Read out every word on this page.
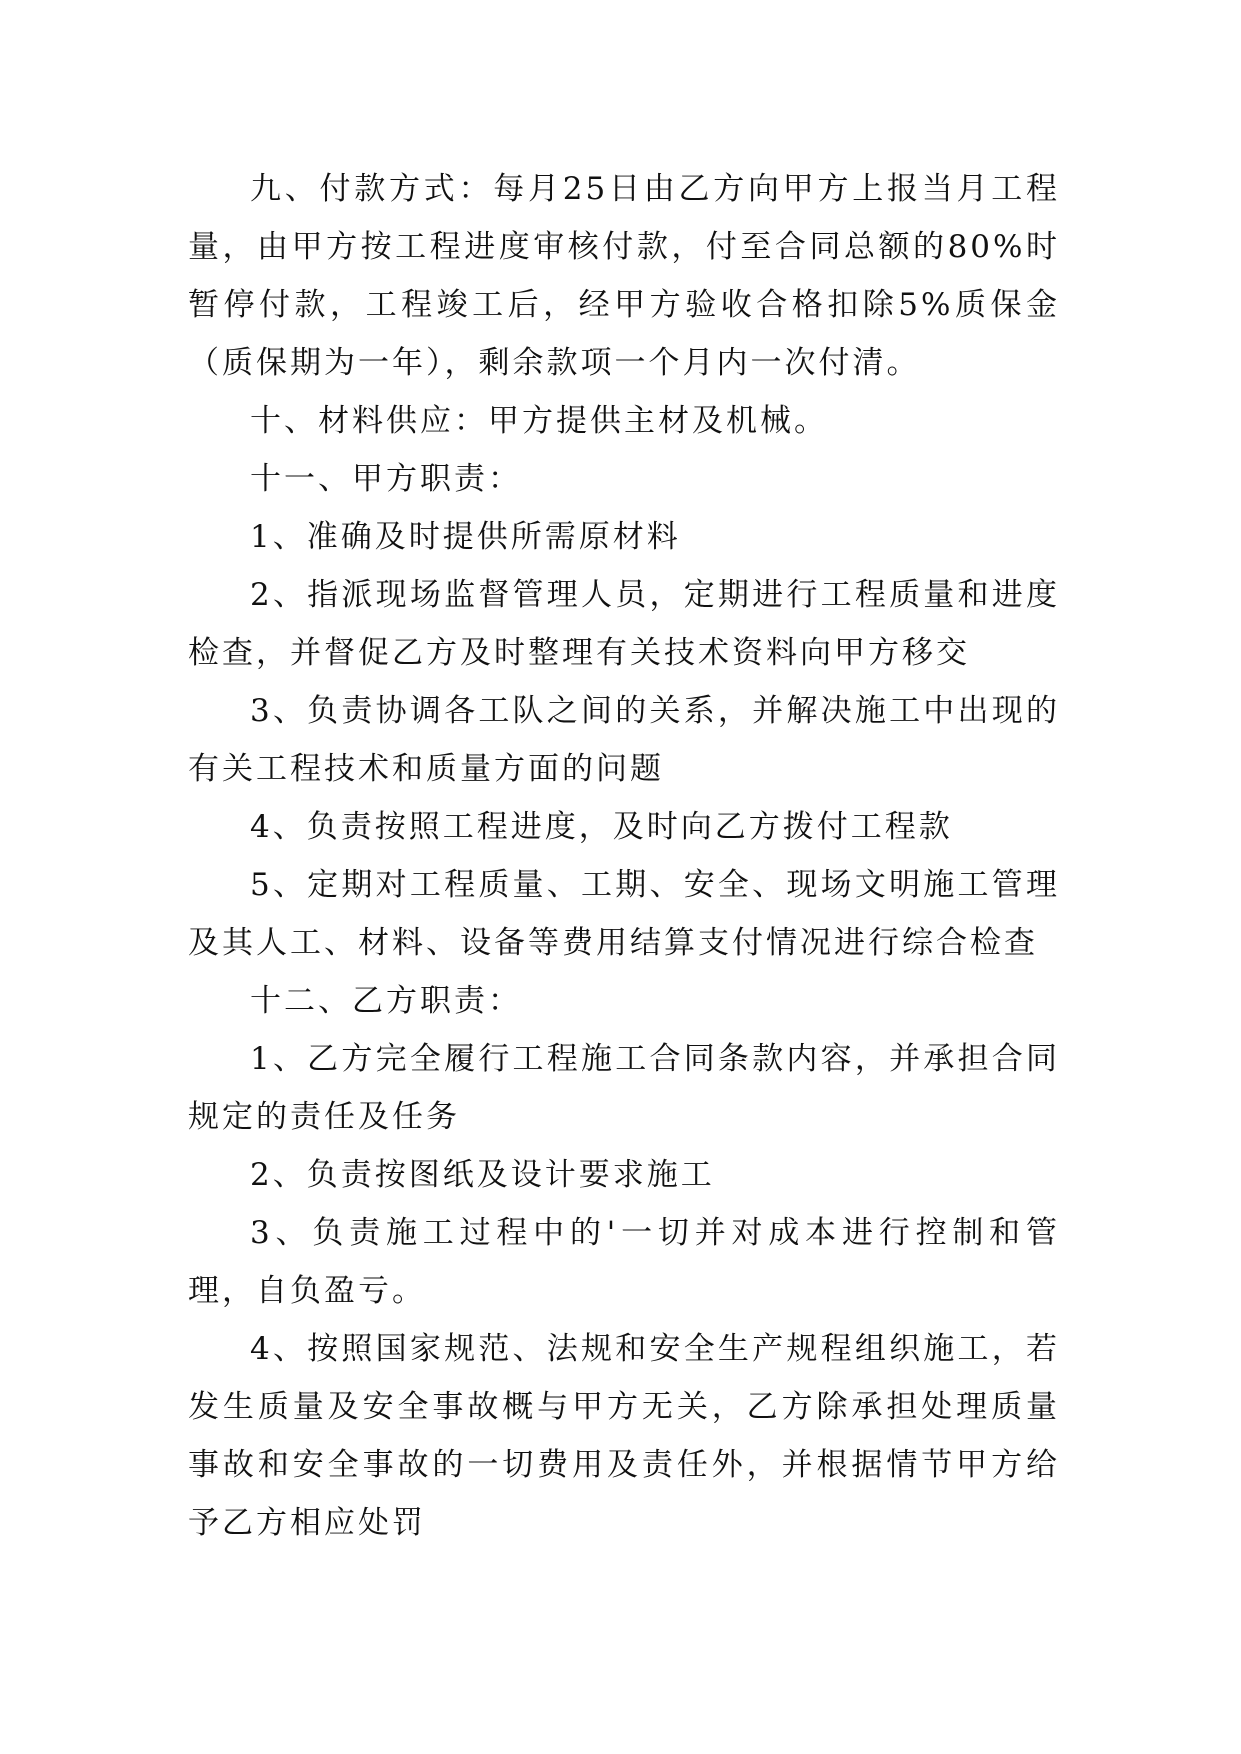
九、付款方式：每月25日由乙方向甲方上报当月工程量，由甲方按工程进度审核付款，付至合同总额的80%时暂停付款，工程竣工后，经甲方验收合格扣除5%质保金（质保期为一年），剩余款项一个月内一次付清。

十、材料供应：甲方提供主材及机械。

十一、甲方职责：

1、准确及时提供所需原材料

2、指派现场监督管理人员，定期进行工程质量和进度检查，并督促乙方及时整理有关技术资料向甲方移交

3、负责协调各工队之间的关系，并解决施工中出现的有关工程技术和质量方面的问题

4、负责按照工程进度，及时向乙方拨付工程款

5、定期对工程质量、工期、安全、现场文明施工管理及其人工、材料、设备等费用结算支付情况进行综合检查

十二、乙方职责：

1、乙方完全履行工程施工合同条款内容，并承担合同规定的责任及任务

2、负责按图纸及设计要求施工

3、负责施工过程中的'一切并对成本进行控制和管理，自负盈亏。

4、按照国家规范、法规和安全生产规程组织施工，若发生质量及安全事故概与甲方无关，乙方除承担处理质量事故和安全事故的一切费用及责任外，并根据情节甲方给予乙方相应处罚
